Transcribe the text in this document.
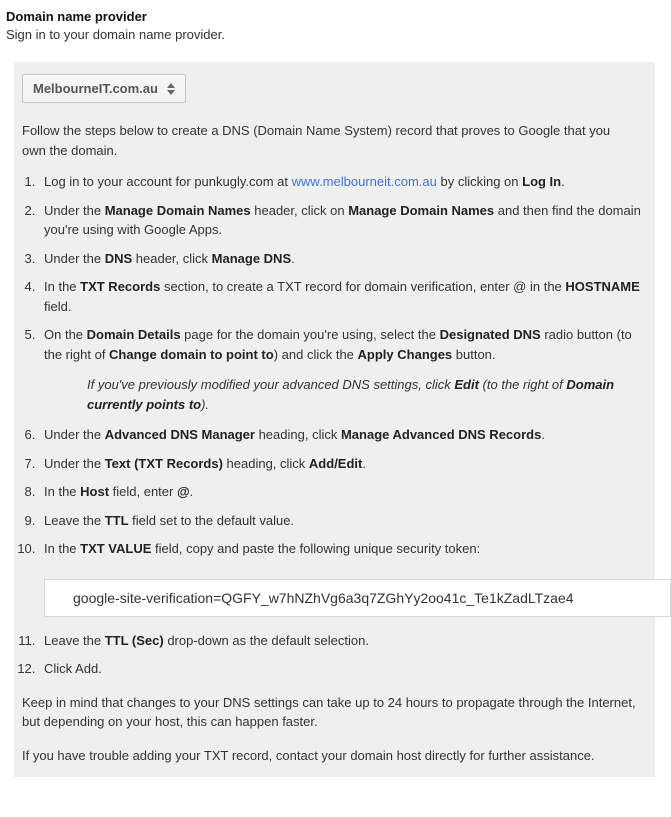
Domain name provider

Sign in to your domain name provider.

MelbourneIT.com.au

Follow the steps below to create a DNS (Domain Name System) record that proves to Google that you own the domain.

1. Log in to your account for punkugly.com at www.melbourneit.com.au by clicking on Log In.
2. Under the Manage Domain Names header, click on Manage Domain Names and then find the domain you're using with Google Apps.
3. Under the DNS header, click Manage DNS.
4. In the TXT Records section, to create a TXT record for domain verification, enter @ in the HOSTNAME field.
5. On the Domain Details page for the domain you're using, select the Designated DNS radio button (to the right of Change domain to point to) and click the Apply Changes button.
If you've previously modified your advanced DNS settings, click Edit (to the right of Domain currently points to).
6. Under the Advanced DNS Manager heading, click Manage Advanced DNS Records.
7. Under the Text (TXT Records) heading, click Add/Edit.
8. In the Host field, enter @.
9. Leave the TTL field set to the default value.
10. In the TXT VALUE field, copy and paste the following unique security token:
google-site-verification=QGFY_w7hNZhVg6a3q7ZGhYy2oo41c_Te1kZadLTzae4
11. Leave the TTL (Sec) drop-down as the default selection.
12. Click Add.

Keep in mind that changes to your DNS settings can take up to 24 hours to propagate through the Internet, but depending on your host, this can happen faster.

If you have trouble adding your TXT record, contact your domain host directly for further assistance.
